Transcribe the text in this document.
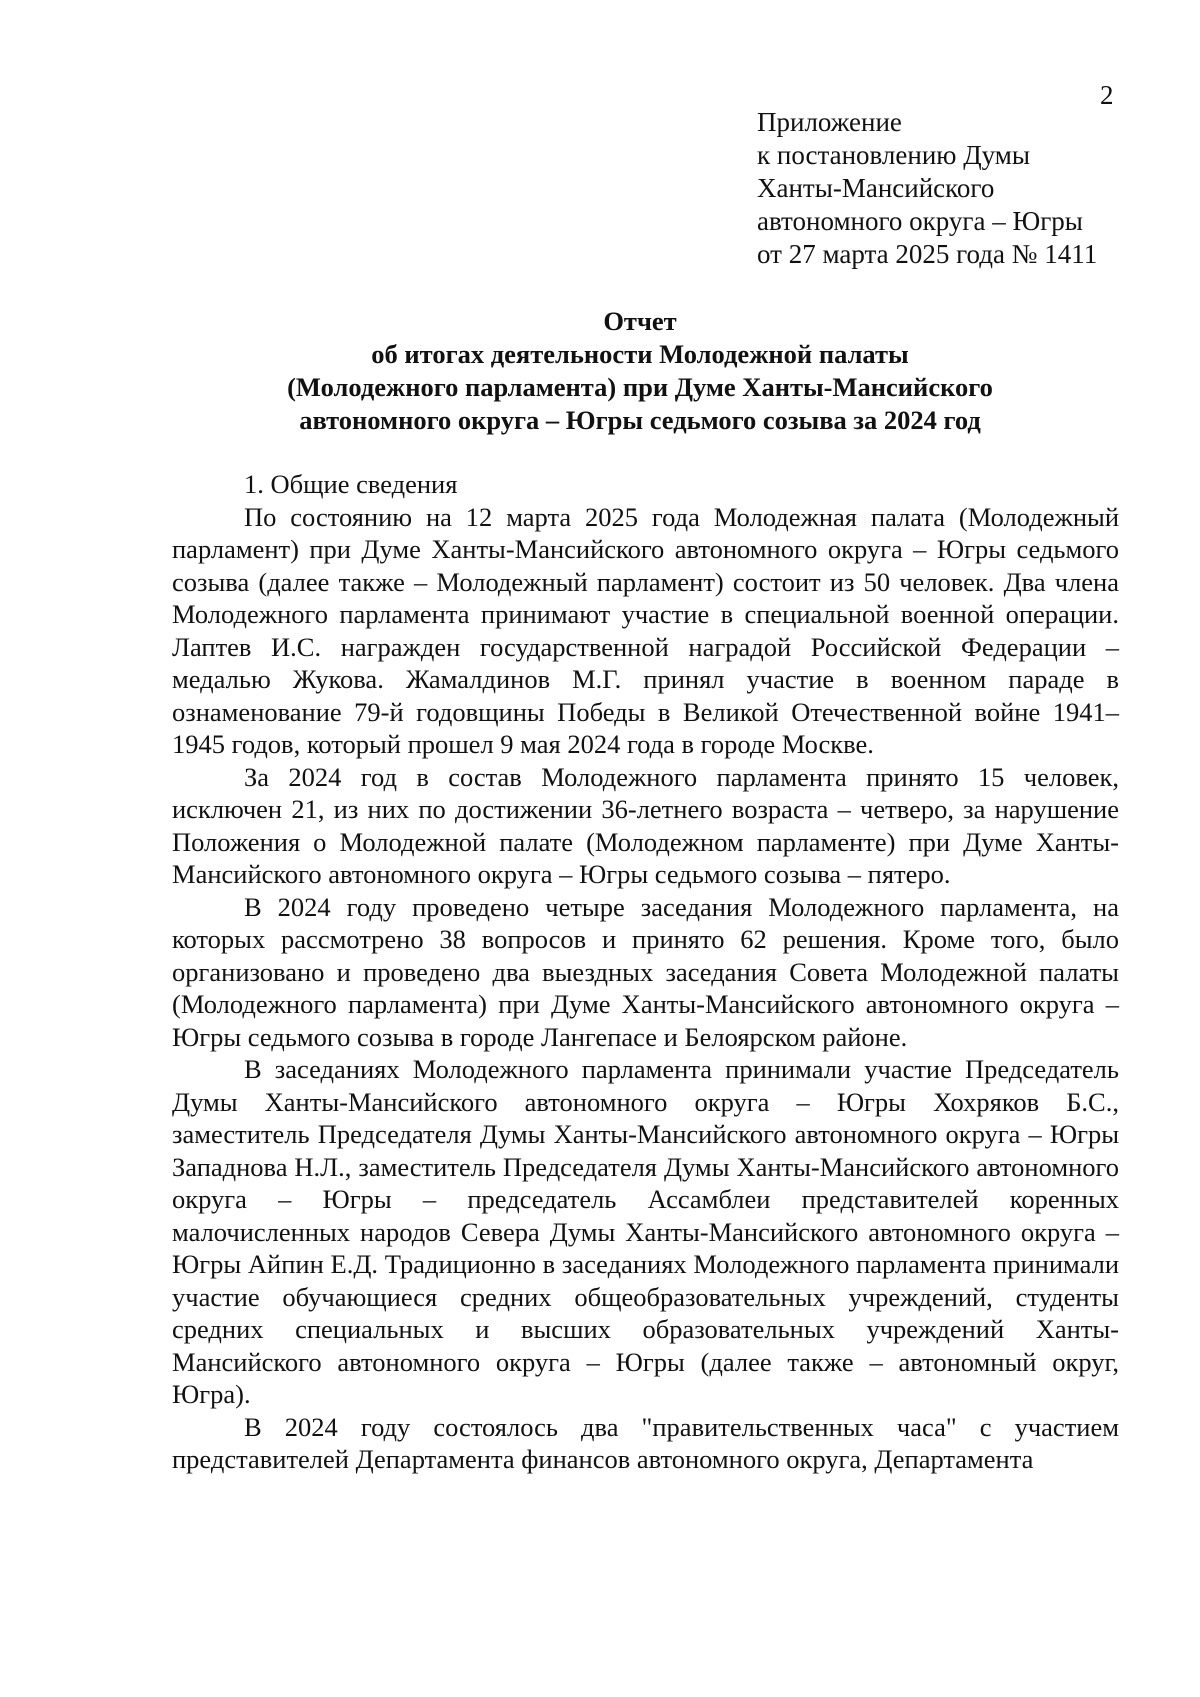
2
Приложение
к постановлению Думы
Ханты-Мансийского
автономного округа – Югры
от 27 марта 2025 года № 1411
Отчет
об итогах деятельности Молодежной палаты
(Молодежного парламента) при Думе Ханты-Мансийского
автономного округа – Югры седьмого созыва за 2024 год

1. Общие сведения

По состоянию на 12 марта 2025 года Молодежная палата (Молодежный парламент) при Думе Ханты-Мансийского автономного округа – Югры седьмого созыва (далее также – Молодежный парламент) состоит из 50 человек. Два члена Молодежного парламента принимают участие в специальной военной операции. Лаптев И.С. награжден государственной наградой Российской Федерации – медалью Жукова. Жамалдинов М.Г. принял участие в военном параде в ознаменование 79-й годовщины Победы в Великой Отечественной войне 1941–1945 годов, который прошел 9 мая 2024 года в городе Москве.

За 2024 год в состав Молодежного парламента принято 15 человек, исключен 21, из них по достижении 36-летнего возраста – четверо, за нарушение Положения о Молодежной палате (Молодежном парламенте) при Думе Ханты-Мансийского автономного округа – Югры седьмого созыва – пятеро.

В 2024 году проведено четыре заседания Молодежного парламента, на которых рассмотрено 38 вопросов и принято 62 решения. Кроме того, было организовано и проведено два выездных заседания Совета Молодежной палаты (Молодежного парламента) при Думе Ханты-Мансийского автономного округа – Югры седьмого созыва в городе Лангепасе и Белоярском районе.

В заседаниях Молодежного парламента принимали участие Председатель Думы Ханты-Мансийского автономного округа – Югры Хохряков Б.С., заместитель Председателя Думы Ханты-Мансийского автономного округа – Югры Западнова Н.Л., заместитель Председателя Думы Ханты-Мансийского автономного округа – Югры – председатель Ассамблеи представителей коренных малочисленных народов Севера Думы Ханты-Мансийского автономного округа – Югры Айпин Е.Д. Традиционно в заседаниях Молодежного парламента принимали участие обучающиеся средних общеобразовательных учреждений, студенты средних специальных и высших образовательных учреждений Ханты-Мансийского автономного округа – Югры (далее также – автономный округ, Югра).

В 2024 году состоялось два "правительственных часа" с участием представителей Департамента финансов автономного округа, Департамента
